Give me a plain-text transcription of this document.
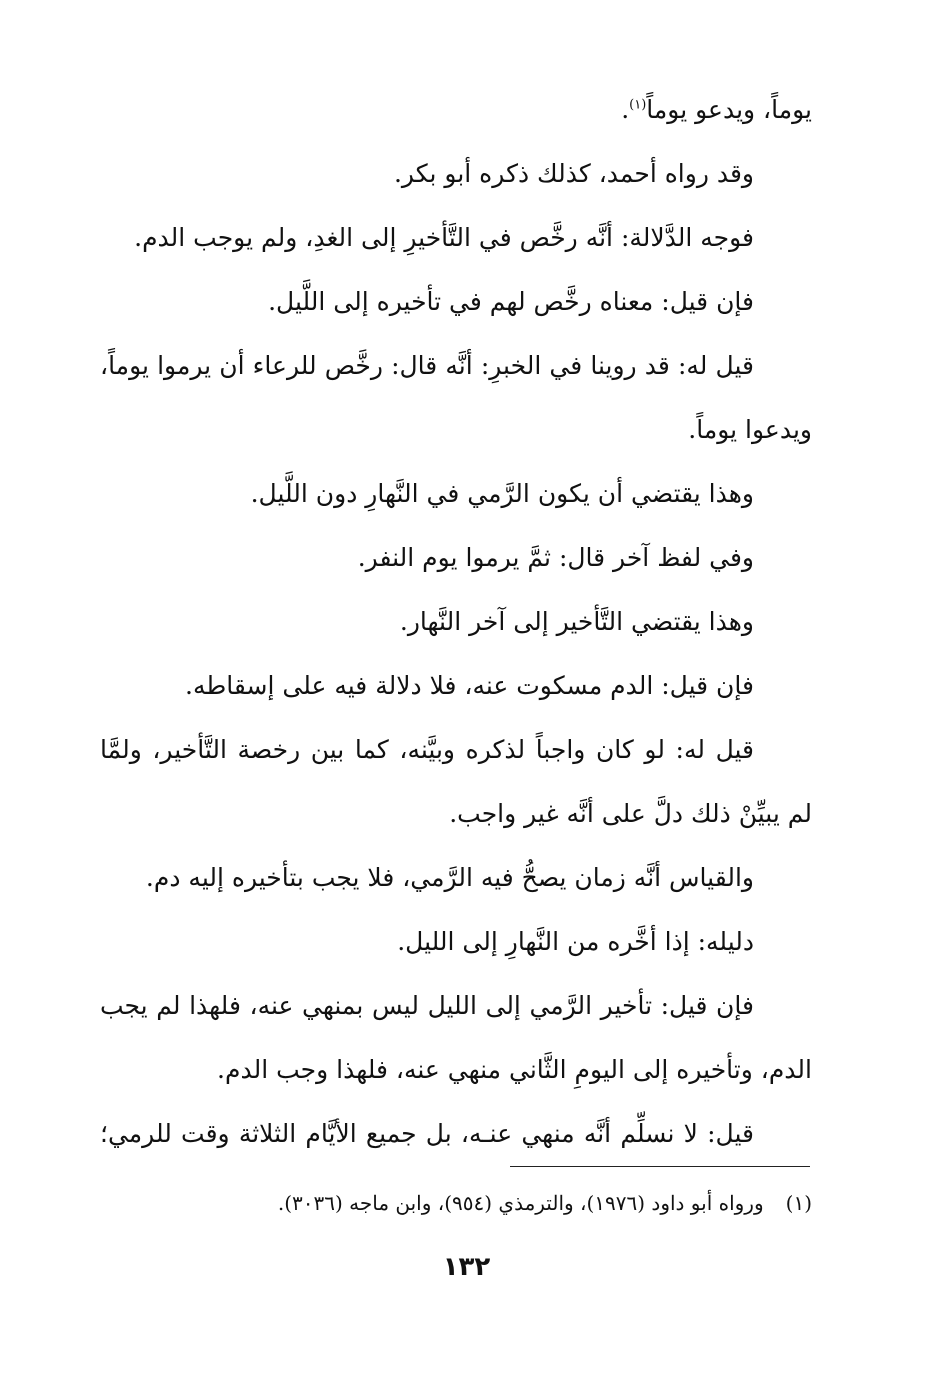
يوماً، ويدعو يوماً$^{(١)}$.
وقد رواه أحمد، كذلك ذكره أبو بكر.
فوجه الدَّلالة: أنَّه رخَّص في التَّأخيرِ إلى الغدِ، ولم يوجب الدم.
فإن قيل: معناه رخَّص لهم في تأخيره إلى اللَّيل.
قيل له: قد روينا في الخبرِ: أنَّه قال: رخَّص للرعاء أن يرموا يوماً،
ويدعوا يوماً.
وهذا يقتضي أن يكون الرَّمي في النَّهارِ دون اللَّيل.
وفي لفظ آخر قال: ثمَّ يرموا يوم النفر.
وهذا يقتضي التَّأخير إلى آخر النَّهار.
فإن قيل: الدم مسكوت عنه، فلا دلالة فيه على إسقاطه.
قيل له: لو كان واجباً لذكره وبيَّنه، كما بين رخصة التَّأخير، ولمَّا
لم يبيِّنْ ذلك دلَّ على أنَّه غير واجب.
والقياس أنَّه زمان يصحُّ فيه الرَّمي، فلا يجب بتأخيره إليه دم.
دليله: إذا أخَّره من النَّهارِ إلى الليل.
فإن قيل: تأخير الرَّمي إلى الليل ليس بمنهي عنه، فلهذا لم يجب
الدم، وتأخيره إلى اليومِ الثَّاني منهي عنه، فلهذا وجب الدم.
قيل: لا نسلِّم أنَّه منهي عنـه، بل جميع الأيَّام الثلاثة وقت للرمي؛
(١)ورواه أبو داود (١٩٧٦)، والترمذي (٩٥٤)، وابن ماجه (٣٠٣٦).
١٣٢
